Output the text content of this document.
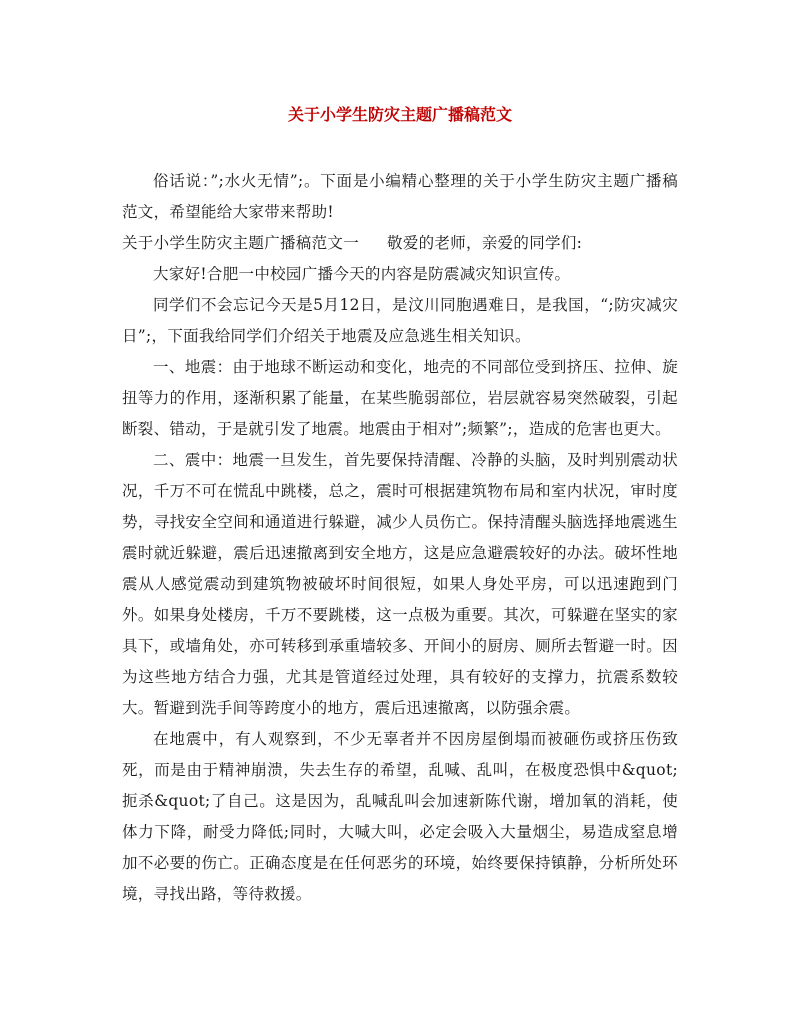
关于小学生防灾主题广播稿范文

俗话说：”;水火无情”;。下面是小编精心整理的关于小学生防灾主题广播稿范文，希望能给大家带来帮助!

关于小学生防灾主题广播稿范文一 敬爱的老师，亲爱的同学们:

大家好!合肥一中校园广播今天的内容是防震减灾知识宣传。

同学们不会忘记今天是5月12日，是汶川同胞遇难日，是我国，“;防灾减灾日”;，下面我给同学们介绍关于地震及应急逃生相关知识。

一、地震：由于地球不断运动和变化，地壳的不同部位受到挤压、拉伸、旋扭等力的作用，逐渐积累了能量，在某些脆弱部位，岩层就容易突然破裂，引起断裂、错动，于是就引发了地震。地震由于相对”;频繁”;，造成的危害也更大。

二、震中：地震一旦发生，首先要保持清醒、冷静的头脑，及时判别震动状况，千万不可在慌乱中跳楼，总之，震时可根据建筑物布局和室内状况，审时度势，寻找安全空间和通道进行躲避，减少人员伤亡。保持清醒头脑选择地震逃生震时就近躲避，震后迅速撤离到安全地方，这是应急避震较好的办法。破坏性地震从人感觉震动到建筑物被破坏时间很短，如果人身处平房，可以迅速跑到门外。如果身处楼房，千万不要跳楼，这一点极为重要。其次，可躲避在坚实的家具下，或墙角处，亦可转移到承重墙较多、开间小的厨房、厕所去暂避一时。因为这些地方结合力强，尤其是管道经过处理，具有较好的支撑力，抗震系数较大。暂避到洗手间等跨度小的地方，震后迅速撤离，以防强余震。

在地震中，有人观察到，不少无辜者并不因房屋倒塌而被砸伤或挤压伤致死，而是由于精神崩溃，失去生存的希望，乱喊、乱叫，在极度恐惧中&quot;扼杀&quot;了自己。这是因为，乱喊乱叫会加速新陈代谢，增加氧的消耗，使体力下降，耐受力降低;同时，大喊大叫，必定会吸入大量烟尘，易造成窒息增加不必要的伤亡。正确态度是在任何恶劣的环境，始终要保持镇静，分析所处环境，寻找出路，等待救援。
